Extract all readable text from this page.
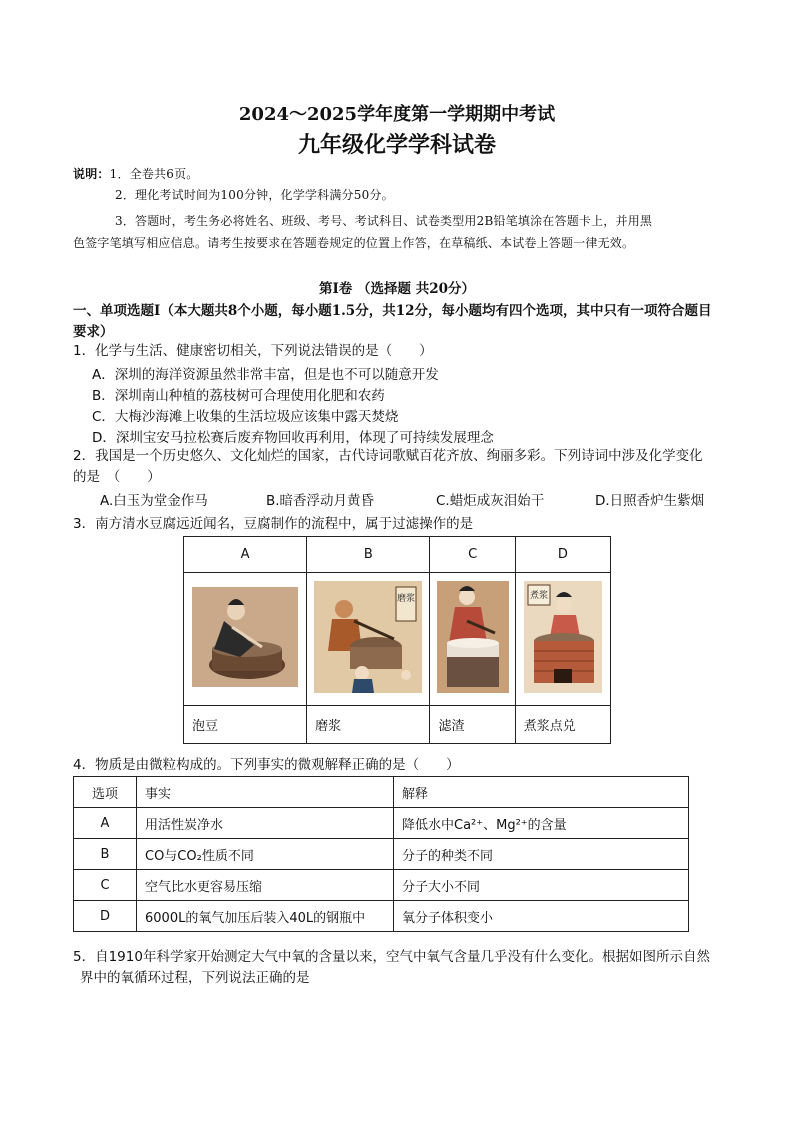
2024～2025学年度第一学期期中考试
九年级化学学科试卷
说明：1．全卷共6页。
2．理化考试时间为100分钟，化学学科满分50分。
3．答题时，考生务必将姓名、班级、考号、考试科目、试卷类型用2B铅笔填涂在答题卡上，并用黑
色签字笔填写相应信息。请考生按要求在答题卷规定的位置上作答，在草稿纸、本试卷上答题一律无效。
第Ⅰ卷 （选择题 共20分）
一、单项选题Ⅰ（本大题共8个小题，每小题1.5分，共12分，每小题均有四个选项，其中只有一项符合题目
要求）
1．化学与生活、健康密切相关，下列说法错误的是（　　）
A．深圳的海洋资源虽然非常丰富，但是也不可以随意开发
B．深圳南山种植的荔枝树可合理使用化肥和农药
C．大梅沙海滩上收集的生活垃圾应该集中露天焚烧
D．深圳宝安马拉松赛后废弃物回收再利用，体现了可持续发展理念
2．我国是一个历史悠久、文化灿烂的国家，古代诗词歌赋百花齐放、绚丽多彩。下列诗词中涉及化学变化
的是　（　　）
A.白玉为堂金作马	B.暗香浮动月黄昏	C.蜡炬成灰泪始干	D.日照香炉生紫烟
3．南方清水豆腐远近闻名，豆腐制作的流程中，属于过滤操作的是
A	B	C	D

磨浆		煮浆

泡豆	磨浆	滤渣	煮浆点兑
4．物质是由微粒构成的。下列事实的微观解释正确的是（　　）
选项	事实	解释
A	用活性炭净水	降低水中Ca²⁺、Mg²⁺的含量
B	CO与CO₂性质不同	分子的种类不同
C	空气比水更容易压缩	分子大小不同
D	6000L的氧气加压后装入40L的钢瓶中	氧分子体积变小
5．自1910年科学家开始测定大气中氧的含量以来，空气中氧气含量几乎没有什么变化。根据如图所示自然
界中的氧循环过程，下列说法正确的是
